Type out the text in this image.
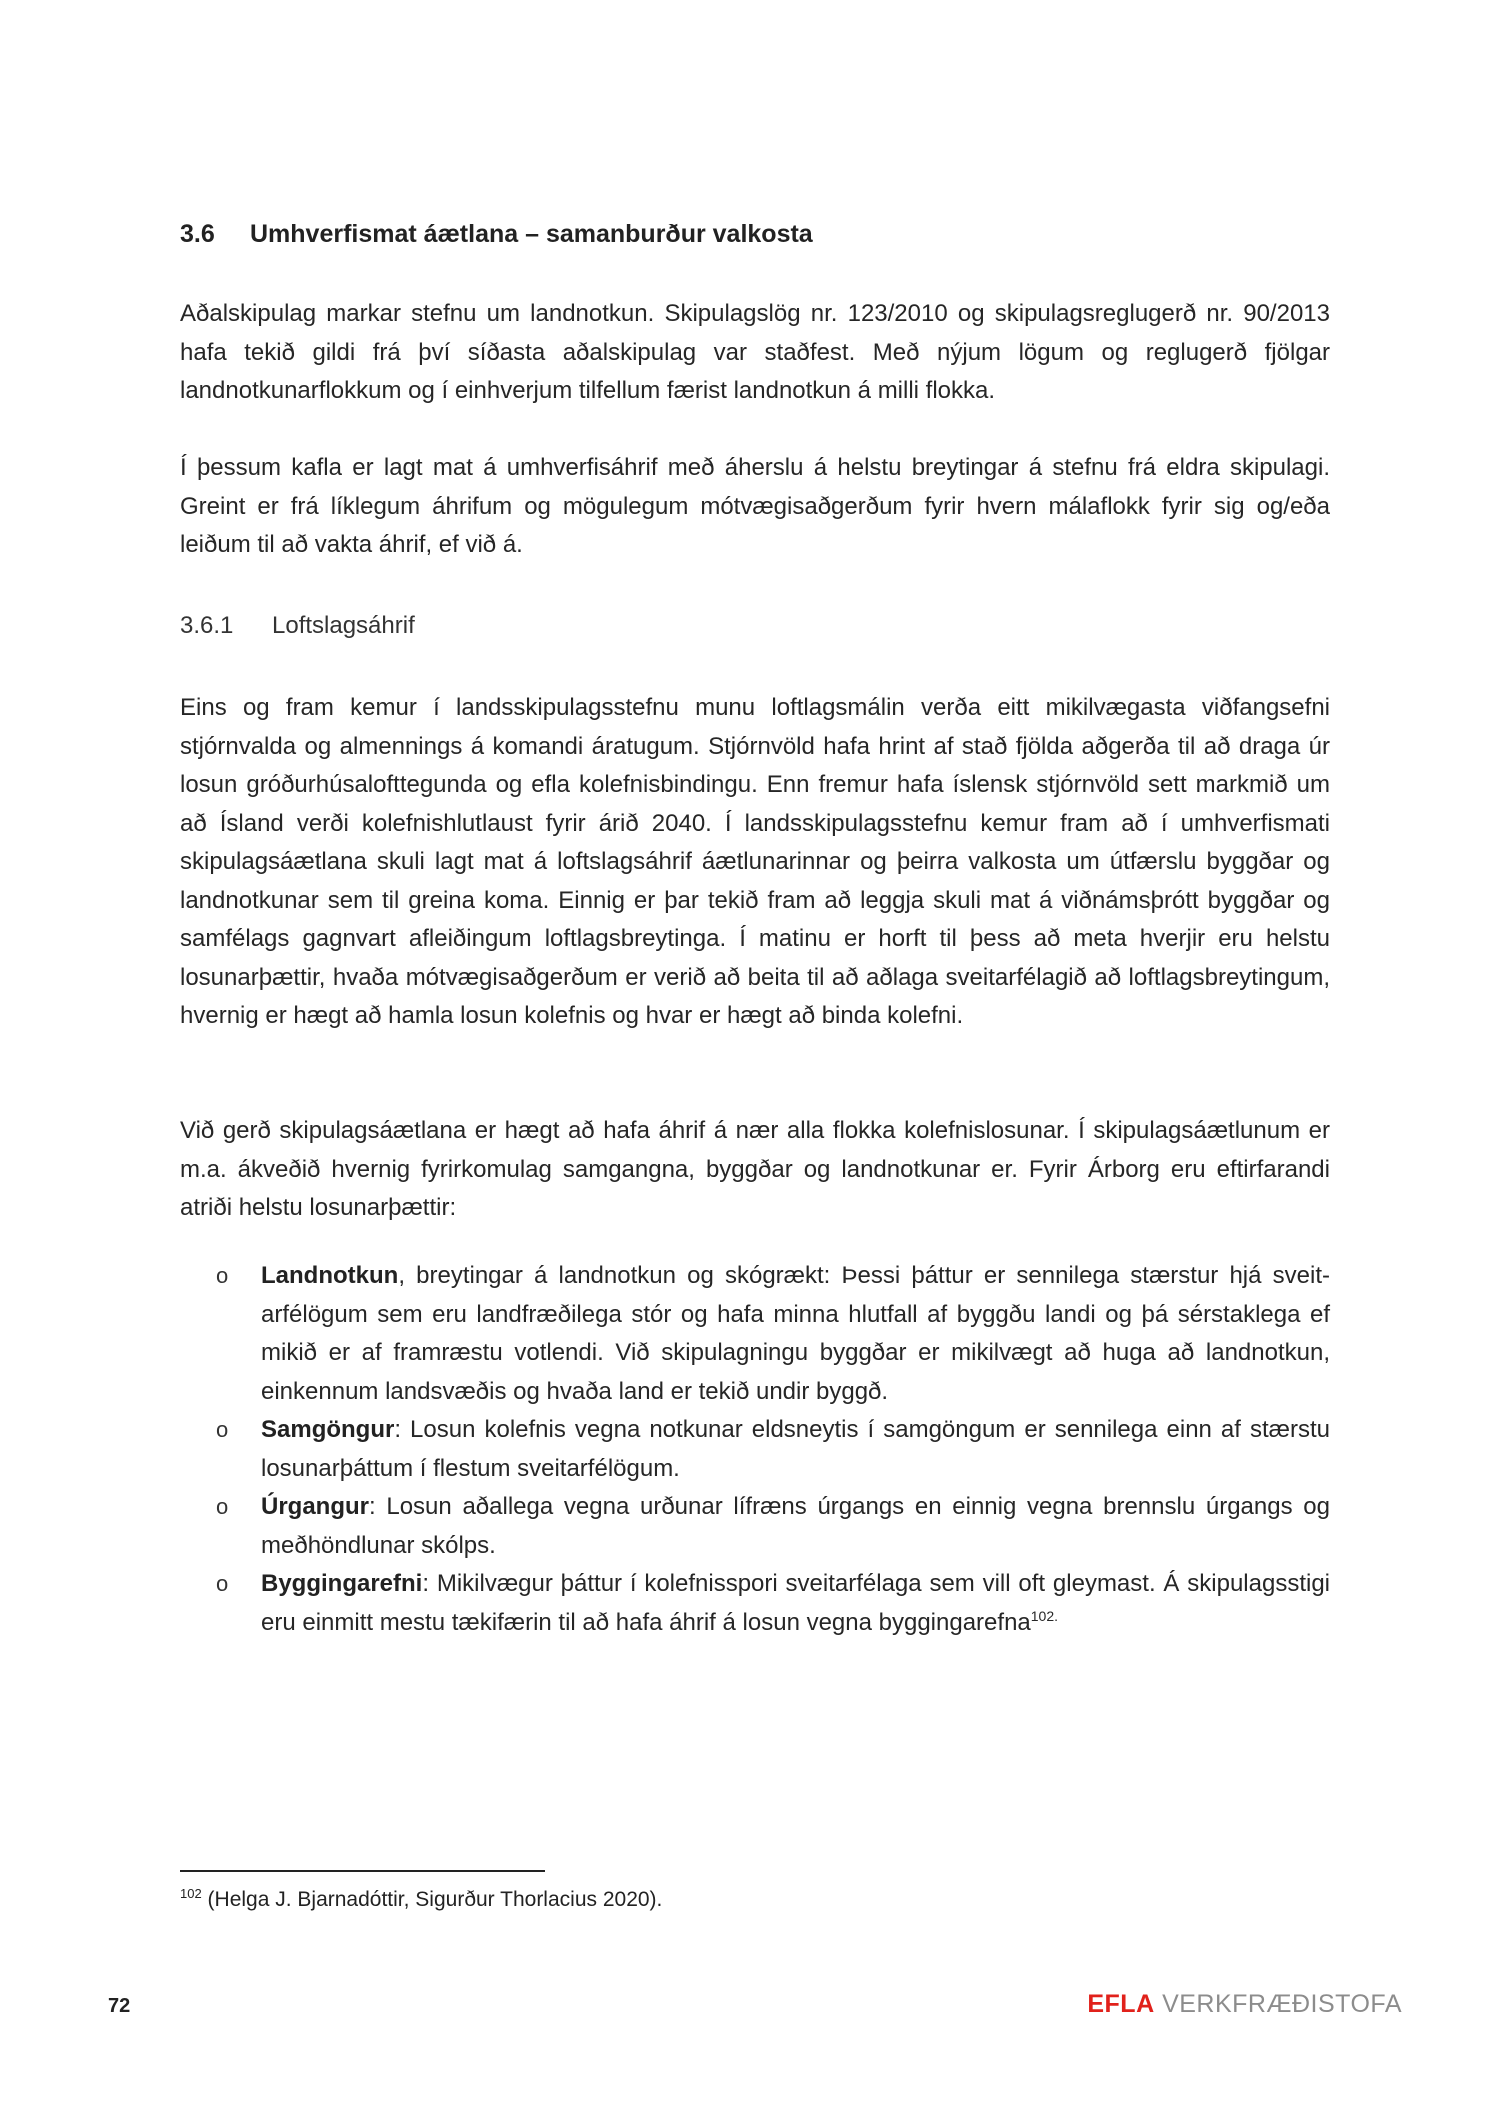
3.6 Umhverfismat áætlana – samanburður valkosta

Aðalskipulag markar stefnu um landnotkun. Skipulagslög nr. 123/2010 og skipulagsreglugerð nr. 90/2013 hafa tekið gildi frá því síðasta aðalskipulag var staðfest. Með nýjum lögum og reglugerð fjölgar landnotkunarflokkum og í einhverjum tilfellum færist landnotkun á milli flokka.

Í þessum kafla er lagt mat á umhverfisáhrif með áherslu á helstu breytingar á stefnu frá eldra skipulagi. Greint er frá líklegum áhrifum og mögulegum mótvægisaðgerðum fyrir hvern málaflokk fyrir sig og/eða leiðum til að vakta áhrif, ef við á.

3.6.1 Loftslagsáhrif

Eins og fram kemur í landsskipulagsstefnu munu loftlagsmálin verða eitt mikilvægasta viðfangsefni stjórnvalda og almennings á komandi áratugum. Stjórnvöld hafa hrint af stað fjölda aðgerða til að draga úr losun gróðurhúsalofttegunda og efla kolefnisbindingu. Enn fremur hafa íslensk stjórnvöld sett markmið um að Ísland verði kolefnishlutlaust fyrir árið 2040. Í landsskipulagsstefnu kemur fram að í umhverfismati skipulagsáætlana skuli lagt mat á loftslagsáhrif áætlunarinnar og þeirra valkosta um útfærslu byggðar og landnotkunar sem til greina koma. Einnig er þar tekið fram að leggja skuli mat á viðnámsþrótt byggðar og samfélags gagnvart afleiðingum loftlagsbreytinga. Í matinu er horft til þess að meta hverjir eru helstu losunarþættir, hvaða mótvægisaðgerðum er verið að beita til að aðlaga sveitarfélagið að loftlagsbreytingum, hvernig er hægt að hamla losun kolefnis og hvar er hægt að binda kolefni.

Við gerð skipulagsáætlana er hægt að hafa áhrif á nær alla flokka kolefnislosunar. Í skipulagsáætlunum er m.a. ákveðið hvernig fyrirkomulag samgangna, byggðar og landnotkunar er. Fyrir Árborg eru eftirfarandi atriði helstu losunarþættir:

o Landnotkun, breytingar á landnotkun og skógrækt: Þessi þáttur er sennilega stærstur hjá sveitarfélögum sem eru landfræðilega stór og hafa minna hlutfall af byggðu landi og þá sérstaklega ef mikið er af framræstu votlendi. Við skipulagningu byggðar er mikilvægt að huga að landnotkun, einkennum landsvæðis og hvaða land er tekið undir byggð.
o Samgöngur: Losun kolefnis vegna notkunar eldsneytis í samgöngum er sennilega einn af stærstu losunarþáttum í flestum sveitarfélögum.
o Úrgangur: Losun aðallega vegna urðunar lífræns úrgangs en einnig vegna brennslu úrgangs og meðhöndlunar skólps.
o Byggingarefni: Mikilvægur þáttur í kolefnisspori sveitarfélaga sem vill oft gleymast. Á skipulagsstigi eru einmitt mestu tækifærin til að hafa áhrif á losun vegna byggingarefna$^{102.}$
$^{102}$ (Helga J. Bjarnadóttir, Sigurður Thorlacius 2020).
72	EFLA VERKFRÆÐISTOFA
